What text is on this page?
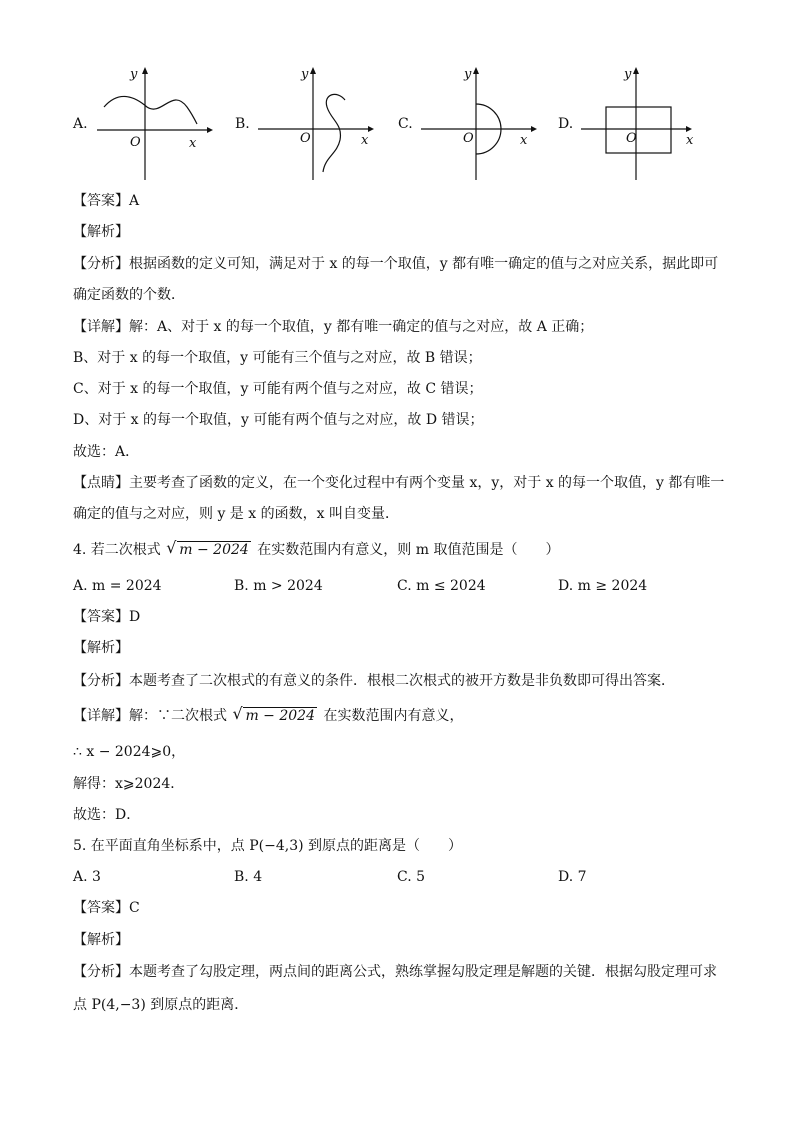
A.
y
O	x
B.
y
O	x
C.
y
O	x
D.
y
O	x
【答案】A
【解析】
【分析】根据函数的定义可知，满足对于 x 的每一个取值，y 都有唯一确定的值与之对应关系，据此即可
确定函数的个数．
【详解】解：A、对于 x 的每一个取值，y 都有唯一确定的值与之对应，故 A 正确；
B、对于 x 的每一个取值，y 可能有三个值与之对应，故 B 错误；
C、对于 x 的每一个取值，y 可能有两个值与之对应，故 C 错误；
D、对于 x 的每一个取值，y 可能有两个值与之对应，故 D 错误；
故选：A．
【点睛】主要考查了函数的定义，在一个变化过程中有两个变量 x，y，对于 x 的每一个取值，y 都有唯一
确定的值与之对应，则 y 是 x 的函数，x 叫自变量．
4. 若二次根式 √ m − 2024 在实数范围内有意义，则 m 取值范围是（　　）
A. m = 2024	B. m > 2024	C. m ≤ 2024	D. m ≥ 2024
【答案】D
【解析】
【分析】本题考查了二次根式的有意义的条件．根根二次根式的被开方数是非负数即可得出答案．
【详解】解：∵二次根式 √ m − 2024 在实数范围内有意义，
∴ x − 2024⩾0，
解得：x⩾2024．
故选：D．
5. 在平面直角坐标系中，点 P(−4,3) 到原点的距离是（　　）
A. 3	B. 4	C. 5	D. 7
【答案】C
【解析】
【分析】本题考查了勾股定理，两点间的距离公式，熟练掌握勾股定理是解题的关键．根据勾股定理可求
点 P(4,−3) 到原点的距离．
